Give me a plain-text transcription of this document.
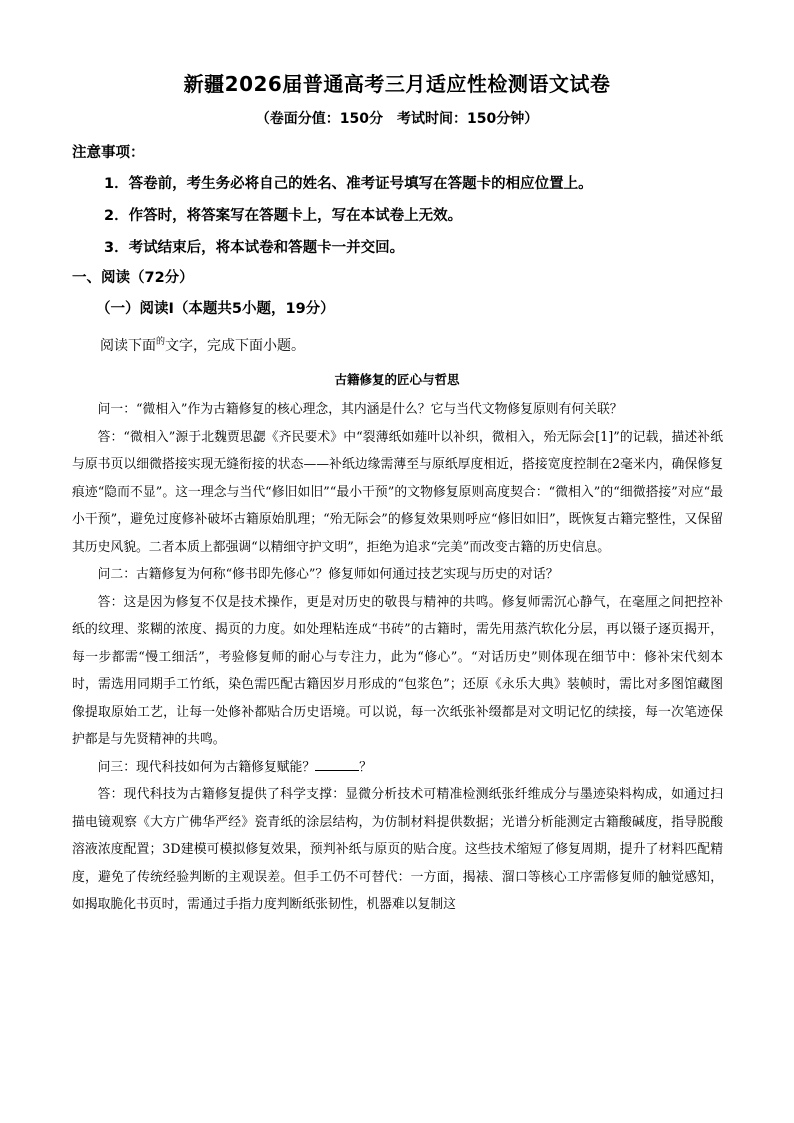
新疆2026届普通高考三月适应性检测语文试卷
（卷面分值：150分　考试时间：150分钟）
注意事项：
1．答卷前，考生务必将自己的姓名、准考证号填写在答题卡的相应位置上。
2．作答时，将答案写在答题卡上，写在本试卷上无效。
3．考试结束后，将本试卷和答题卡一并交回。
一、阅读（72分）
（一）阅读Ⅰ（本题共5小题，19分）
阅读下面$^的$文字，完成下面小题。
古籍修复的匠心与哲思

问一：“微相入”作为古籍修复的核心理念，其内涵是什么？它与当代文物修复原则有何关联？

答：“微相入”源于北魏贾思勰《齐民要术》中“裂薄纸如薤叶以补织，微相入，殆无际会[1]”的记载，描述补纸与原书页以细微搭接实现无缝衔接的状态——补纸边缘需薄至与原纸厚度相近，搭接宽度控制在2毫米内，确保修复痕迹“隐而不显”。这一理念与当代“修旧如旧”“最小干预”的文物修复原则高度契合：“微相入”的“细微搭接”对应“最小干预”，避免过度修补破坏古籍原始肌理；“殆无际会”的修复效果则呼应“修旧如旧”，既恢复古籍完整性，又保留其历史风貌。二者本质上都强调“以精细守护文明”，拒绝为追求“完美”而改变古籍的历史信息。

问二：古籍修复为何称“修书即先修心”？修复师如何通过技艺实现与历史的对话？

答：这是因为修复不仅是技术操作，更是对历史的敬畏与精神的共鸣。修复师需沉心静气，在毫厘之间把控补纸的纹理、浆糊的浓度、揭页的力度。如处理粘连成“书砖”的古籍时，需先用蒸汽软化分层，再以镊子逐页揭开，每一步都需“慢工细活”，考验修复师的耐心与专注力，此为“修心”。“对话历史”则体现在细节中：修补宋代刻本时，需选用同期手工竹纸，染色需匹配古籍因岁月形成的“包浆色”；还原《永乐大典》装帧时，需比对多图馆藏图像提取原始工艺，让每一处修补都贴合历史语境。可以说，每一次纸张补缀都是对文明记忆的续接，每一次笔迹保护都是与先贤精神的共鸣。

问三：现代科技如何为古籍修复赋能？	？

答：现代科技为古籍修复提供了科学支撑：显微分析技术可精准检测纸张纤维成分与墨迹染料构成，如通过扫描电镜观察《大方广佛华严经》瓷青纸的涂层结构，为仿制材料提供数据；光谱分析能测定古籍酸碱度，指导脱酸溶液浓度配置；3D建模可模拟修复效果，预判补纸与原页的贴合度。这些技术缩短了修复周期，提升了材料匹配精度，避免了传统经验判断的主观误差。但手工仍不可替代：一方面，揭裱、溜口等核心工序需修复师的触觉感知，如揭取脆化书页时，需通过手指力度判断纸张韧性，机器难以复制这
